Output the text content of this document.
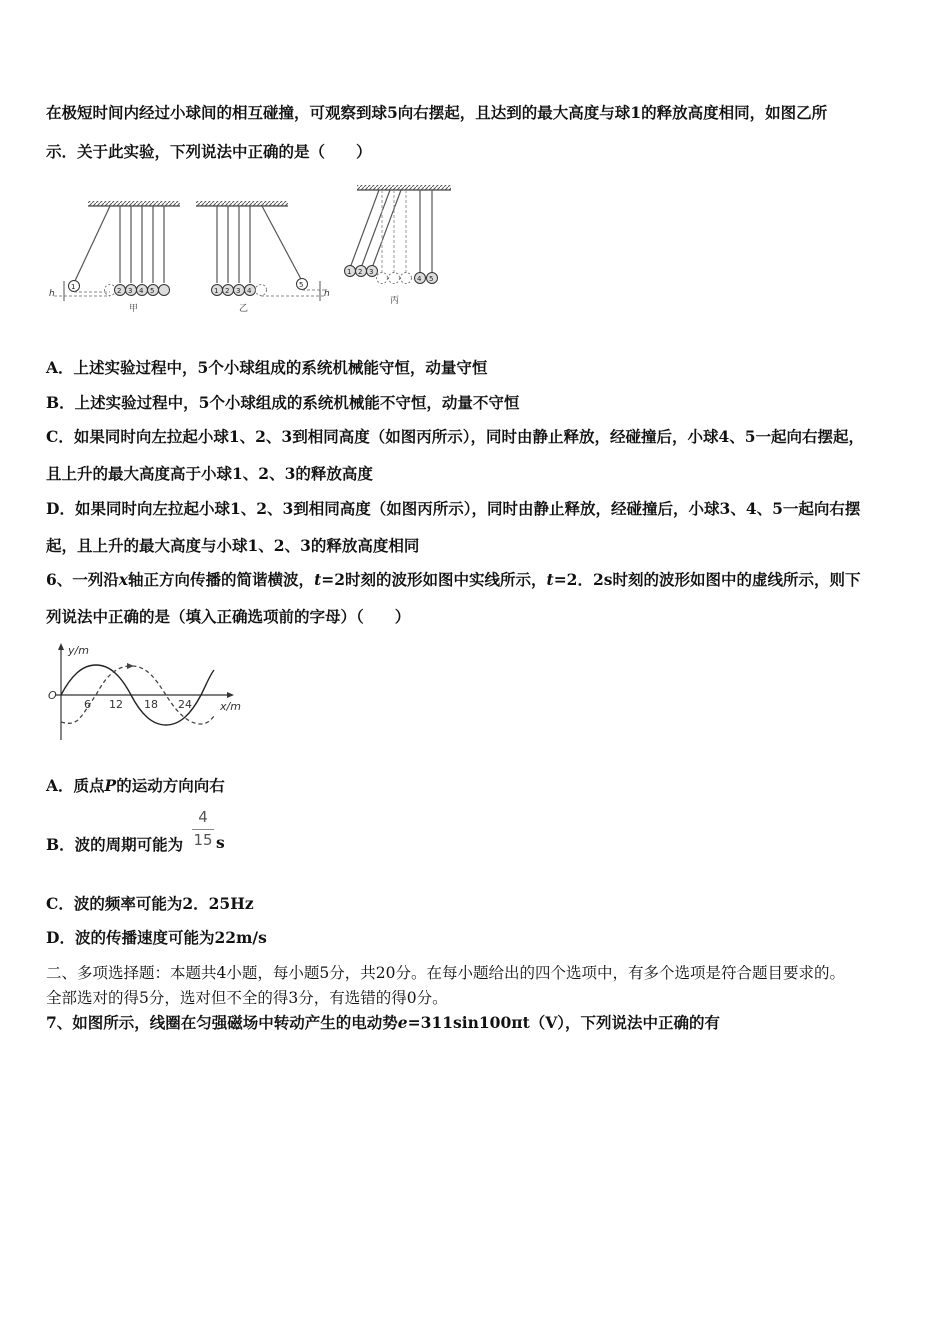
在极短时间内经过小球间的相互碰撞，可观察到球5向右摆起，且达到的最大高度与球1的释放高度相同，如图乙所
示．关于此实验，下列说法中正确的是（　　）
h
1	2 3 4 5
甲
h
1 2 3 4
5
乙
1 2 3
4 5
丙
A．上述实验过程中，5个小球组成的系统机械能守恒，动量守恒
B．上述实验过程中，5个小球组成的系统机械能不守恒，动量不守恒
C．如果同时向左拉起小球1、2、3到相同高度（如图丙所示），同时由静止释放，经碰撞后，小球4、5一起向右摆起，
且上升的最大高度高于小球1、2、3的释放高度
D．如果同时向左拉起小球1、2、3到相同高度（如图丙所示），同时由静止释放，经碰撞后，小球3、4、5一起向右摆
起，且上升的最大高度与小球1、2、3的释放高度相同
6、一列沿x轴正方向传播的简谐横波，t=2时刻的波形如图中实线所示，t=2．2s时刻的波形如图中的虚线所示，则下
列说法中正确的是（填入正确选项前的字母）（　　）
y/m
x/m
O
6 12 18 24
A．质点P的运动方向向右
B．波的周期可能为
4
15 s
C．波的频率可能为2．25Hz
D．波的传播速度可能为22m/s
二、多项选择题：本题共4小题，每小题5分，共20分。在每小题给出的四个选项中，有多个选项是符合题目要求的。
全部选对的得5分，选对但不全的得3分，有选错的得0分。
7、如图所示，线圈在匀强磁场中转动产生的电动势e=311sin100πt（V），下列说法中正确的有
